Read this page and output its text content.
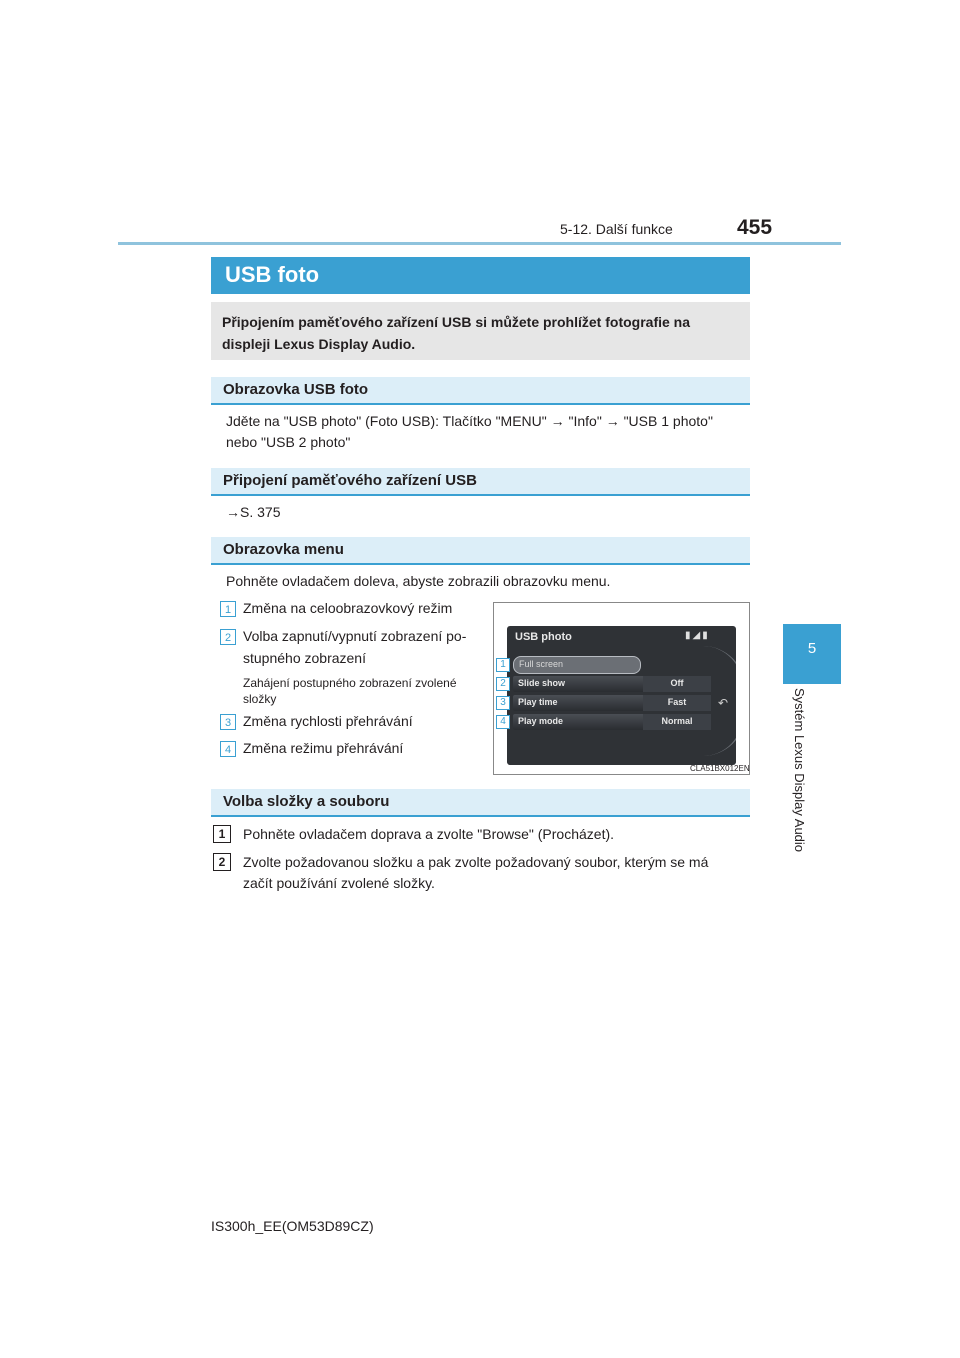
5-12. Další funkce	455
5
Systém Lexus Display Audio
USB foto
Připojením paměťového zařízení USB si můžete prohlížet fotografie na displeji Lexus Display Audio.
Obrazovka USB foto
Jděte na "USB photo" (Foto USB): Tlačítko "MENU" → "Info" → "USB 1 photo"
nebo "USB 2 photo"
Připojení paměťového zařízení USB
→S. 375
Obrazovka menu
Pohněte ovladačem doleva, abyste zobrazili obrazovku menu.
1 Změna na celoobrazovkový režim
2 Volba zapnutí/vypnutí zobrazení po-
stupného zobrazení
Zahájení postupného zobrazení zvolené
složky
3 Změna rychlosti přehrávání
4 Změna režimu přehrávání
USB photo	▮◢▮
Full screen
Slide show	Off
Play time	Fast
Play mode	Normal
↶
1
2
3
4
CLA51BX012EN
Volba složky a souboru
1	Pohněte ovladačem doprava a zvolte "Browse" (Procházet).
2	Zvolte požadovanou složku a pak zvolte požadovaný soubor, kterým se má
začít používání zvolené složky.
IS300h_EE(OM53D89CZ)
